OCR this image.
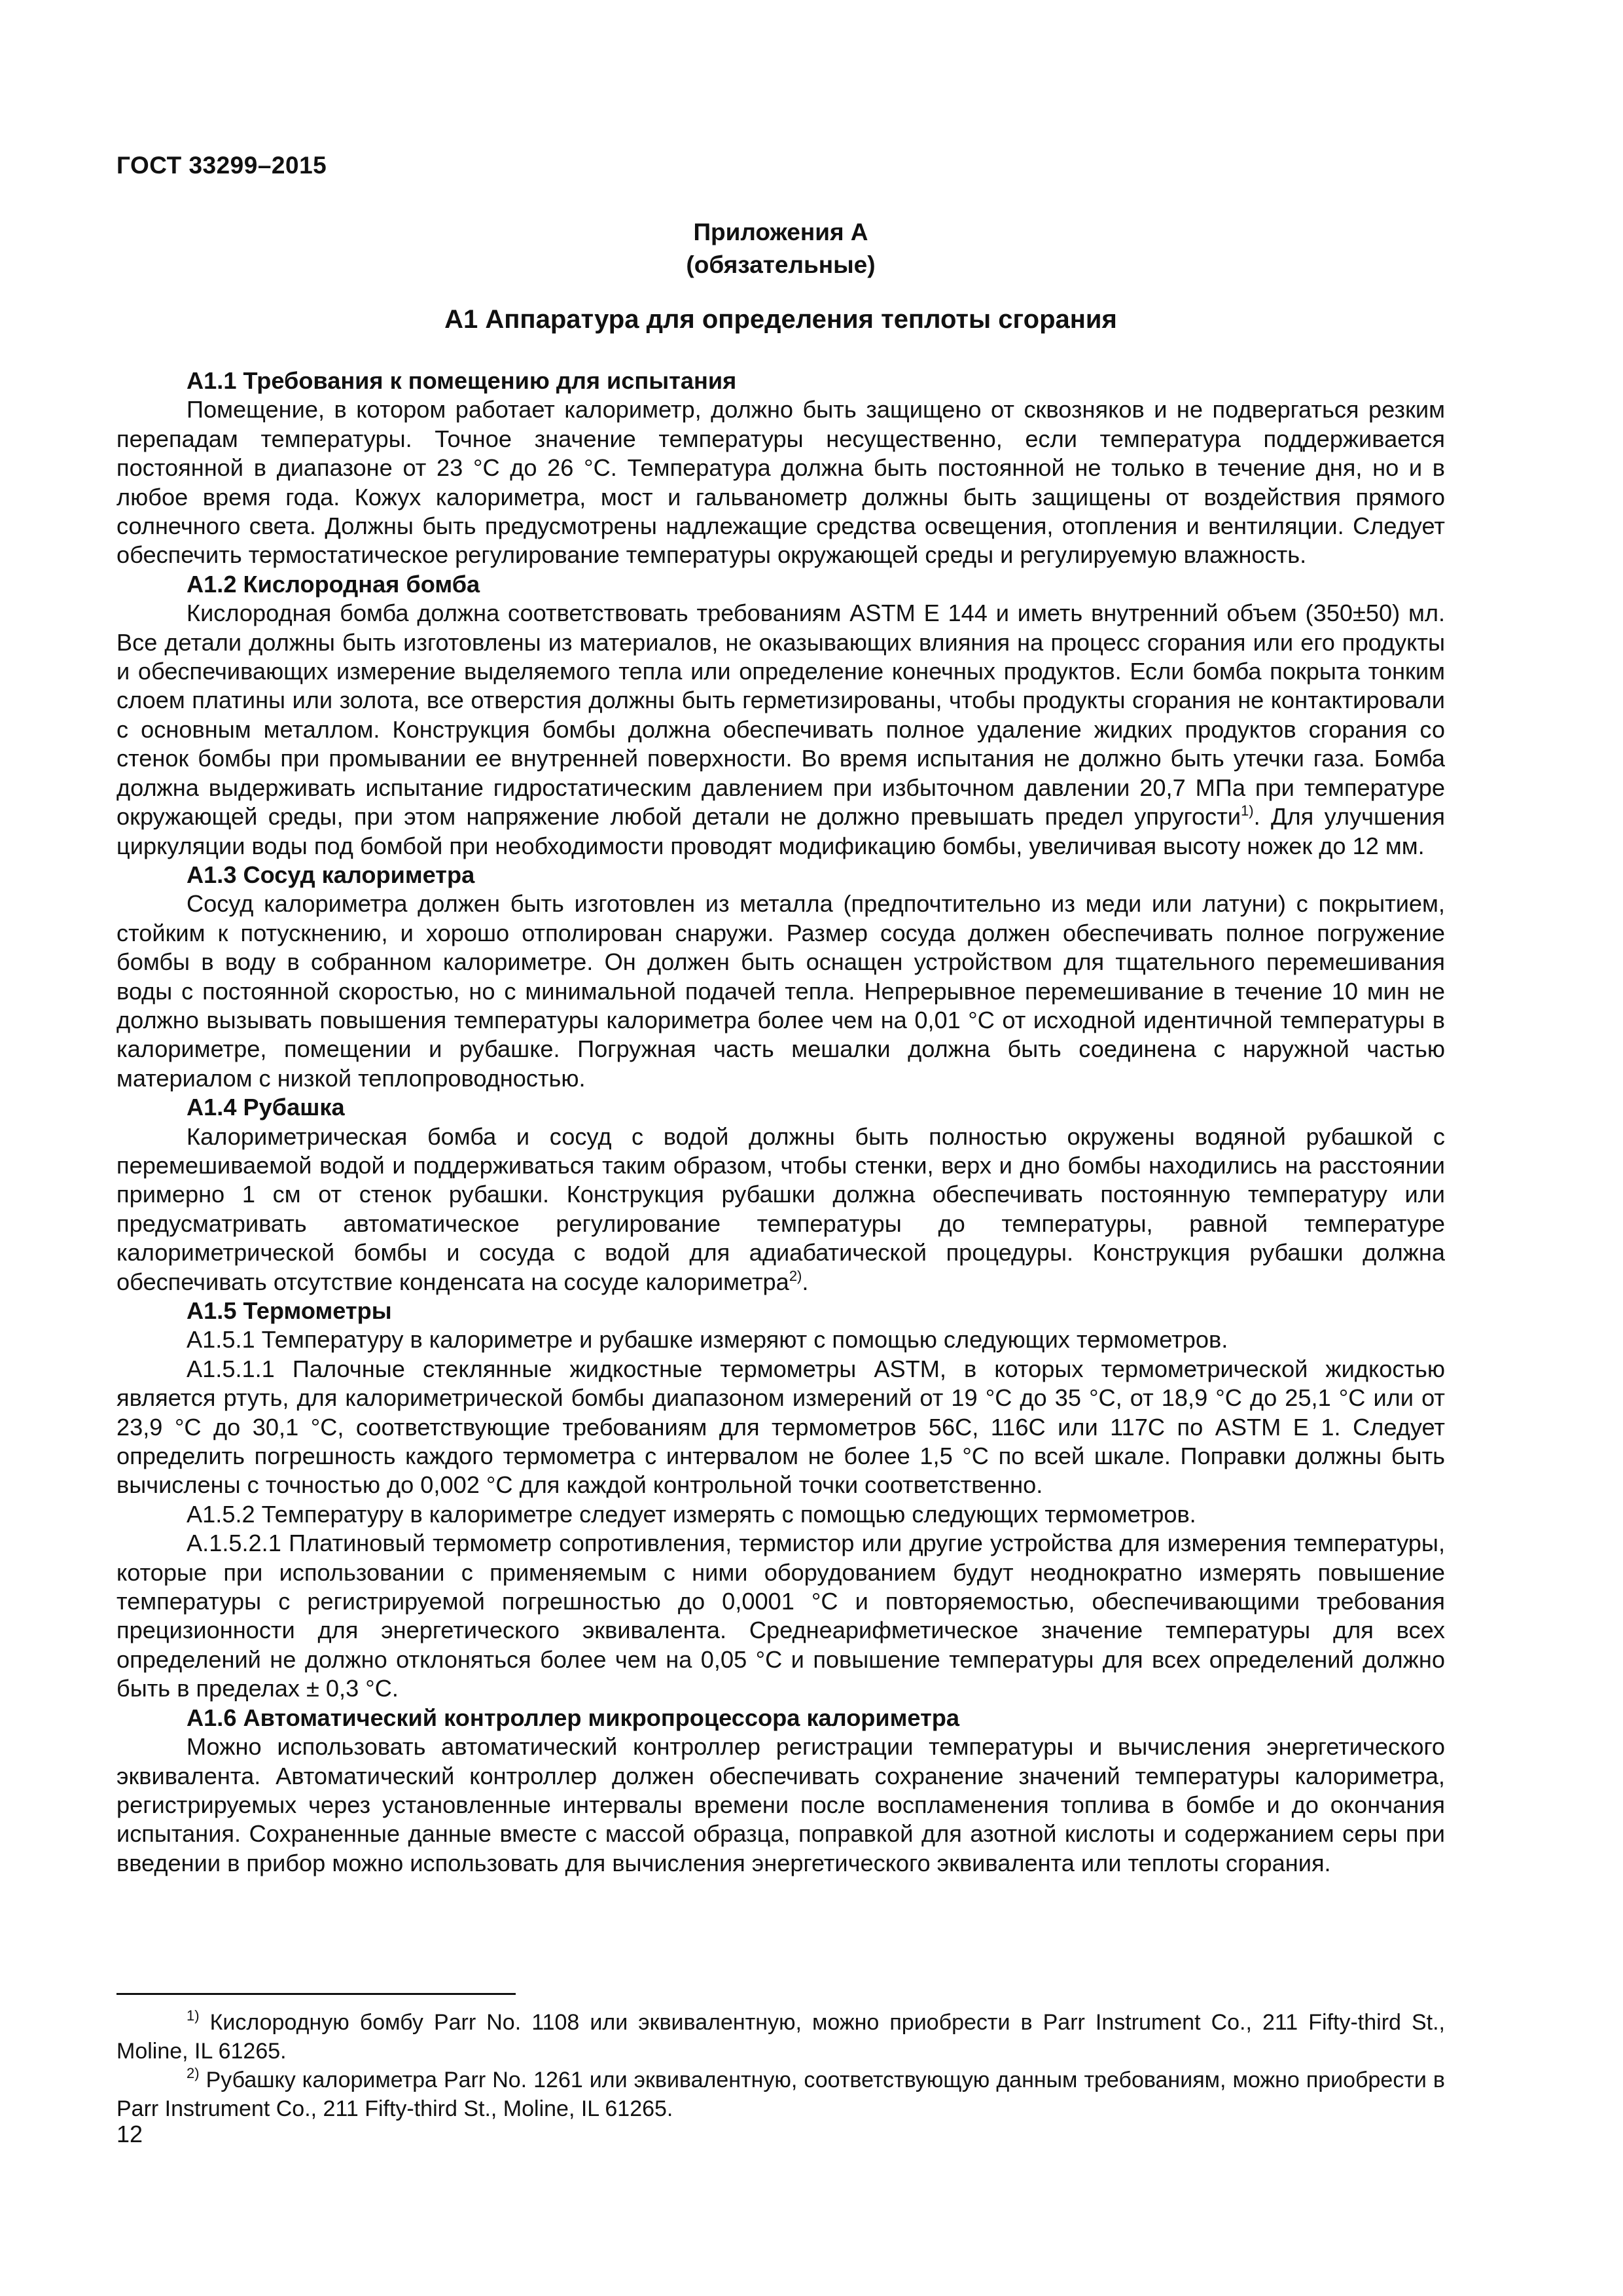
ГОСТ 33299–2015
Приложения А
(обязательные)
А1 Аппаратура для определения теплоты сгорания
А1.1 Требования к помещению для испытания

Помещение, в котором работает калориметр, должно быть защищено от сквозняков и не подвергаться резким перепадам температуры. Точное значение температуры несущественно, если температура поддерживается постоянной в диапазоне от 23 °С до 26 °С. Температура должна быть постоянной не только в течение дня, но и в любое время года. Кожух калориметра, мост и гальванометр должны быть защищены от воздействия прямого солнечного света. Должны быть предусмотрены надлежащие средства освещения, отопления и вентиляции. Следует обеспечить термостатическое регулирование температуры окружающей среды и регулируемую влажность.

А1.2 Кислородная бомба

Кислородная бомба должна соответствовать требованиям ASTM Е 144 и иметь внутренний объем (350±50) мл. Все детали должны быть изготовлены из материалов, не оказывающих влияния на процесс сгорания или его продукты и обеспечивающих измерение выделяемого тепла или определение конечных продуктов. Если бомба покрыта тонким слоем платины или золота, все отверстия должны быть герметизированы, чтобы продукты сгорания не контактировали с основным металлом. Конструкция бомбы должна обеспечивать полное удаление жидких продуктов сгорания со стенок бомбы при промывании ее внутренней поверхности. Во время испытания не должно быть утечки газа. Бомба должна выдерживать испытание гидростатическим давлением при избыточном давлении 20,7 МПа при температуре окружающей среды, при этом напряжение любой детали не должно превышать предел упругости$^{1)}$. Для улучшения циркуляции воды под бомбой при необходимости проводят модификацию бомбы, увеличивая высоту ножек до 12 мм.

А1.3 Сосуд калориметра

Сосуд калориметра должен быть изготовлен из металла (предпочтительно из меди или латуни) с покрытием, стойким к потускнению, и хорошо отполирован снаружи. Размер сосуда должен обеспечивать полное погружение бомбы в воду в собранном калориметре. Он должен быть оснащен устройством для тщательного перемешивания воды с постоянной скоростью, но с минимальной подачей тепла. Непрерывное перемешивание в течение 10 мин не должно вызывать повышения температуры калориметра более чем на 0,01 °С от исходной идентичной температуры в калориметре, помещении и рубашке. Погружная часть мешалки должна быть соединена с наружной частью материалом с низкой теплопроводностью.

А1.4 Рубашка

Калориметрическая бомба и сосуд с водой должны быть полностью окружены водяной рубашкой с перемешиваемой водой и поддерживаться таким образом, чтобы стенки, верх и дно бомбы находились на расстоянии примерно 1 см от стенок рубашки. Конструкция рубашки должна обеспечивать постоянную температуру или предусматривать автоматическое регулирование температуры до температуры, равной температуре калориметрической бомбы и сосуда с водой для адиабатической процедуры. Конструкция рубашки должна обеспечивать отсутствие конденсата на сосуде калориметра$^{2)}$.

А1.5 Термометры

А1.5.1 Температуру в калориметре и рубашке измеряют с помощью следующих термометров.

А1.5.1.1 Палочные стеклянные жидкостные термометры ASTM, в которых термометрической жидкостью является ртуть, для калориметрической бомбы диапазоном измерений от 19 °С до 35 °С, от 18,9 °С до 25,1 °С или от 23,9 °С до 30,1 °С, соответствующие требованиям для термометров 56С, 116С или 117С по ASTM Е 1. Следует определить погрешность каждого термометра с интервалом не более 1,5 °С по всей шкале. Поправки должны быть вычислены с точностью до 0,002 °С для каждой контрольной точки соответственно.

А1.5.2 Температуру в калориметре следует измерять с помощью следующих термометров.

А.1.5.2.1 Платиновый термометр сопротивления, термистор или другие устройства для измерения температуры, которые при использовании с применяемым с ними оборудованием будут неоднократно измерять повышение температуры с регистрируемой погрешностью до 0,0001 °С и повторяемостью, обеспечивающими требования прецизионности для энергетического эквивалента. Среднеарифметическое значение температуры для всех определений не должно отклоняться более чем на 0,05 °С и повышение температуры для всех определений должно быть в пределах ± 0,3 °С.

А1.6 Автоматический контроллер микропроцессора калориметра

Можно использовать автоматический контроллер регистрации температуры и вычисления энергетического эквивалента. Автоматический контроллер должен обеспечивать сохранение значений температуры калориметра, регистрируемых через установленные интервалы времени после воспламенения топлива в бомбе и до окончания испытания. Сохраненные данные вместе с массой образца, поправкой для азотной кислоты и содержанием серы при введении в прибор можно использовать для вычисления энергетического эквивалента или теплоты сгорания.

$^{1)}$ Кислородную бомбу Parr No. 1108 или эквивалентную, можно приобрести в Parr Instrument Co., 211 Fifty-third St., Moline, IL 61265.

$^{2)}$ Рубашку калориметра Parr No. 1261 или эквивалентную, соответствующую данным требованиям, можно приобрести в Parr Instrument Co., 211 Fifty-third St., Moline, IL 61265.

12
